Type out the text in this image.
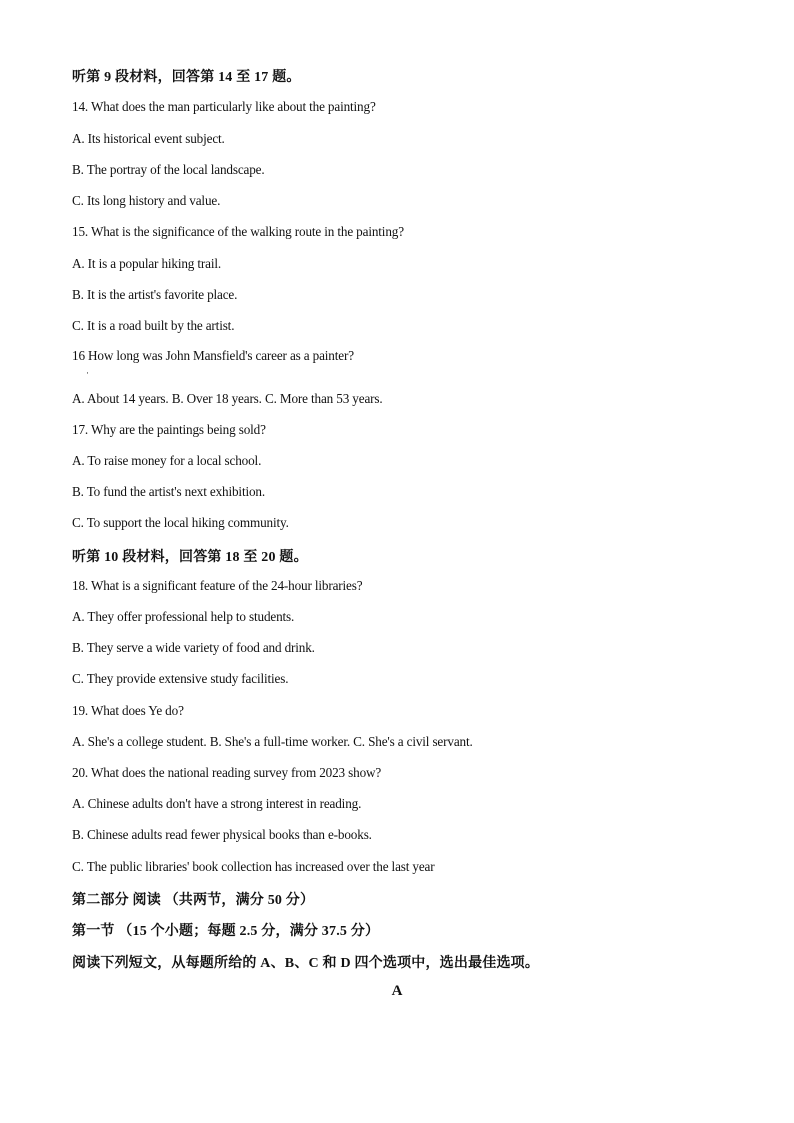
听第 9 段材料，回答第 14 至 17 题。
14. What does the man particularly like about the painting?
A. Its historical event subject.
B. The portray of the local landscape.
C. Its long history and value.
15. What is the significance of the walking route in the painting?
A. It is a popular hiking trail.
B. It is the artist's favorite place.
C. It is a road built by the artist.
16 How long was John Mansfield's career as a painter?
·
A. About 14 years. B. Over 18 years. C. More than 53 years.
17. Why are the paintings being sold?
A. To raise money for a local school.
B. To fund the artist's next exhibition.
C. To support the local hiking community.
听第 10 段材料，回答第 18 至 20 题。
18. What is a significant feature of the 24-hour libraries?
A. They offer professional help to students.
B. They serve a wide variety of food and drink.
C. They provide extensive study facilities.
19. What does Ye do?
A. She's a college student. B. She's a full-time worker. C. She's a civil servant.
20. What does the national reading survey from 2023 show?
A. Chinese adults don't have a strong interest in reading.
B. Chinese adults read fewer physical books than e-books.
C. The public libraries' book collection has increased over the last year
第二部分 阅读 （共两节，满分 50 分）
第一节 （15 个小题；每题 2.5 分，满分 37.5 分）
阅读下列短文，从每题所给的 A、B、C 和 D 四个选项中，选出最佳选项。
A
